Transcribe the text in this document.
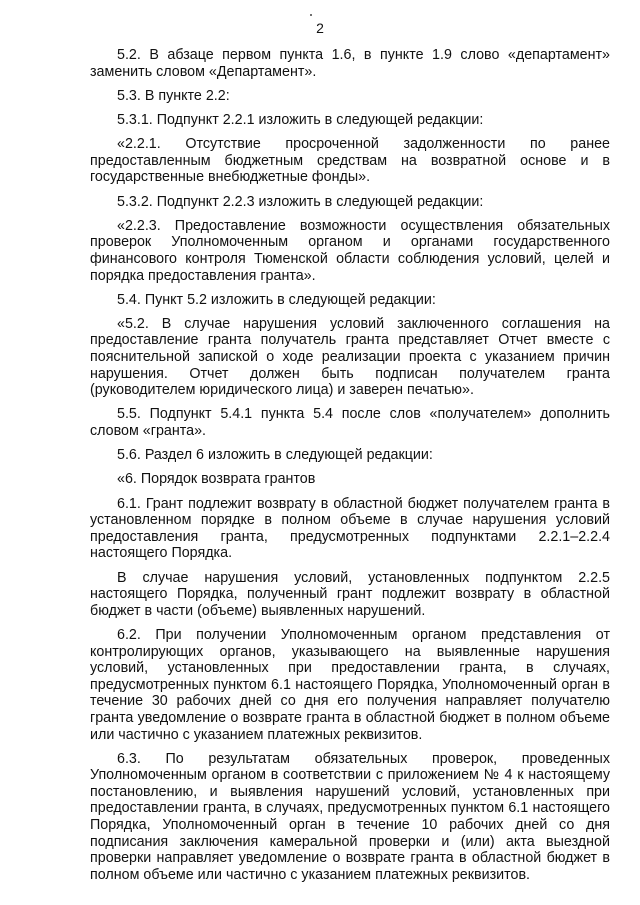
2

5.2. В абзаце первом пункта 1.6, в пункте 1.9 слово «департамент» заменить словом «Департамент».

5.3. В пункте 2.2:

5.3.1. Подпункт 2.2.1 изложить в следующей редакции:

«2.2.1. Отсутствие просроченной задолженности по ранее предоставленным бюджетным средствам на возвратной основе и в государственные внебюджетные фонды».

5.3.2. Подпункт 2.2.3 изложить в следующей редакции:

«2.2.3. Предоставление возможности осуществления обязательных проверок Уполномоченным органом и органами государственного финансового контроля Тюменской области соблюдения условий, целей и порядка предоставления гранта».

5.4. Пункт 5.2 изложить в следующей редакции:

«5.2. В случае нарушения условий заключенного соглашения на предоставление гранта получатель гранта представляет Отчет вместе с пояснительной запиской о ходе реализации проекта с указанием причин нарушения. Отчет должен быть подписан получателем гранта (руководителем юридического лица) и заверен печатью».

5.5. Подпункт 5.4.1 пункта 5.4 после слов «получателем» дополнить словом «гранта».

5.6. Раздел 6 изложить в следующей редакции:

«6. Порядок возврата грантов

6.1. Грант подлежит возврату в областной бюджет получателем гранта в установленном порядке в полном объеме в случае нарушения условий предоставления гранта, предусмотренных подпунктами 2.2.1–2.2.4 настоящего Порядка.

В случае нарушения условий, установленных подпунктом 2.2.5 настоящего Порядка, полученный грант подлежит возврату в областной бюджет в части (объеме) выявленных нарушений.

6.2. При получении Уполномоченным органом представления от контролирующих органов, указывающего на выявленные нарушения условий, установленных при предоставлении гранта, в случаях, предусмотренных пунктом 6.1 настоящего Порядка, Уполномоченный орган в течение 30 рабочих дней со дня его получения направляет получателю гранта уведомление о возврате гранта в областной бюджет в полном объеме или частично с указанием платежных реквизитов.

6.3. По результатам обязательных проверок, проведенных Уполномоченным органом в соответствии с приложением № 4 к настоящему постановлению, и выявления нарушений условий, установленных при предоставлении гранта, в случаях, предусмотренных пунктом 6.1 настоящего Порядка, Уполномоченный орган в течение 10 рабочих дней со дня подписания заключения камеральной проверки и (или) акта выездной проверки направляет уведомление о возврате гранта в областной бюджет в полном объеме или частично с указанием платежных реквизитов.
